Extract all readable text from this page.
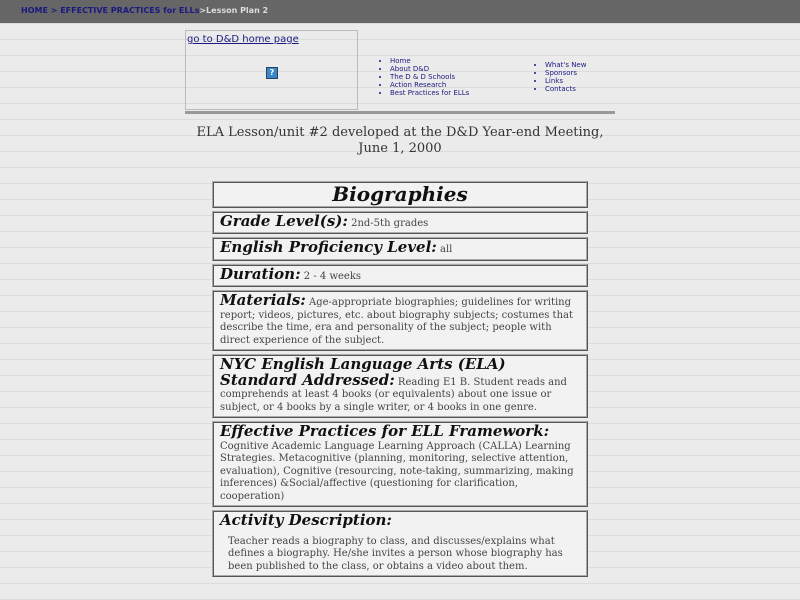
HOME > EFFECTIVE PRACTICES for ELLs>Lesson Plan 2
go to D&D home page
?
• Home
• About D&D
• The D & D Schools
• Action Research
• Best Practices for ELLs
• What's New
• Sponsors
• Links
• Contacts
ELA Lesson/unit #2 developed at the D&D Year-end Meeting, June 1, 2000
Biographies
Grade Level(s): 2nd-5th grades
English Proficiency Level: all
Duration: 2 - 4 weeks
Materials: Age-appropriate biographies; guidelines for writing report; videos, pictures, etc. about biography subjects; costumes that describe the time, era and personality of the subject; people with direct experience of the subject.
NYC English Language Arts (ELA) Standard Addressed: Reading E1 B. Student reads and comprehends at least 4 books (or equivalents) about one issue or subject, or 4 books by a single writer, or 4 books in one genre.
Effective Practices for ELL Framework: Cognitive Academic Language Learning Approach (CALLA) Learning Strategies. Metacognitive (planning, monitoring, selective attention, evaluation), Cognitive (resourcing, note-taking, summarizing, making inferences) &Social/affective (questioning for clarification, cooperation)
Activity Description:

Teacher reads a biography to class, and discusses/explains what defines a biography. He/she invites a person whose biography has been published to the class, or obtains a video about them.
